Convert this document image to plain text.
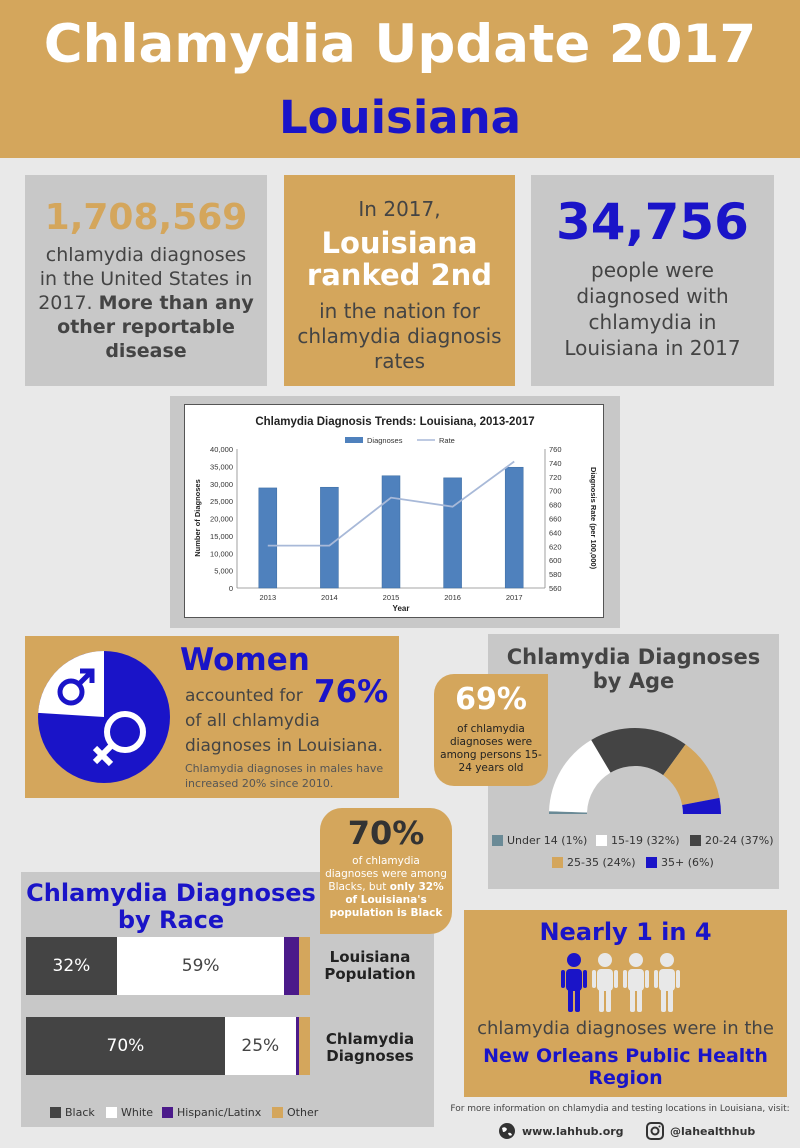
Chlamydia Update 2017
Louisiana
1,708,569
chlamydia diagnoses in the United States in 2017. More than any other reportable disease
In 2017,
Louisiana
ranked 2nd
in the nation for chlamydia diagnosis rates
34,756
people were diagnosed with chlamydia in Louisiana in 2017
Chlamydia Diagnosis Trends: Louisiana, 2013-2017
Diagnoses	Rate
0
5,000
10,000
15,000
20,000
25,000
30,000
35,000
40,000
560
580
600
620
640
660
680
700
720
740
760
2013	2014	2015	2016	2017
Year
Number of Diagnoses	Diagnosis Rate (per 100,000)
Women
76%
accounted for
of all chlamydia
diagnoses in Louisiana.
Chlamydia diagnoses in males have increased 20% since 2010.
Chlamydia Diagnoses
by Age
Under 14 (1%) 15-19 (32%) 20-24 (37%)
25-35 (24%) 35+ (6%)
69%
of chlamydia diagnoses were among persons 15-24 years old
Chlamydia Diagnoses
by Race
32%	59%	Louisiana
Population
70%	25%	Chlamydia
Diagnoses
Black White Hispanic/Latinx Other
70%
of chlamydia diagnoses were among Blacks, but only 32% of Louisiana's population is Black
Nearly 1 in 4
chlamydia diagnoses were in the
New Orleans Public Health
Region
For more information on chlamydia and testing locations in Louisiana, visit:
www.lahhub.org	@lahealthhub
